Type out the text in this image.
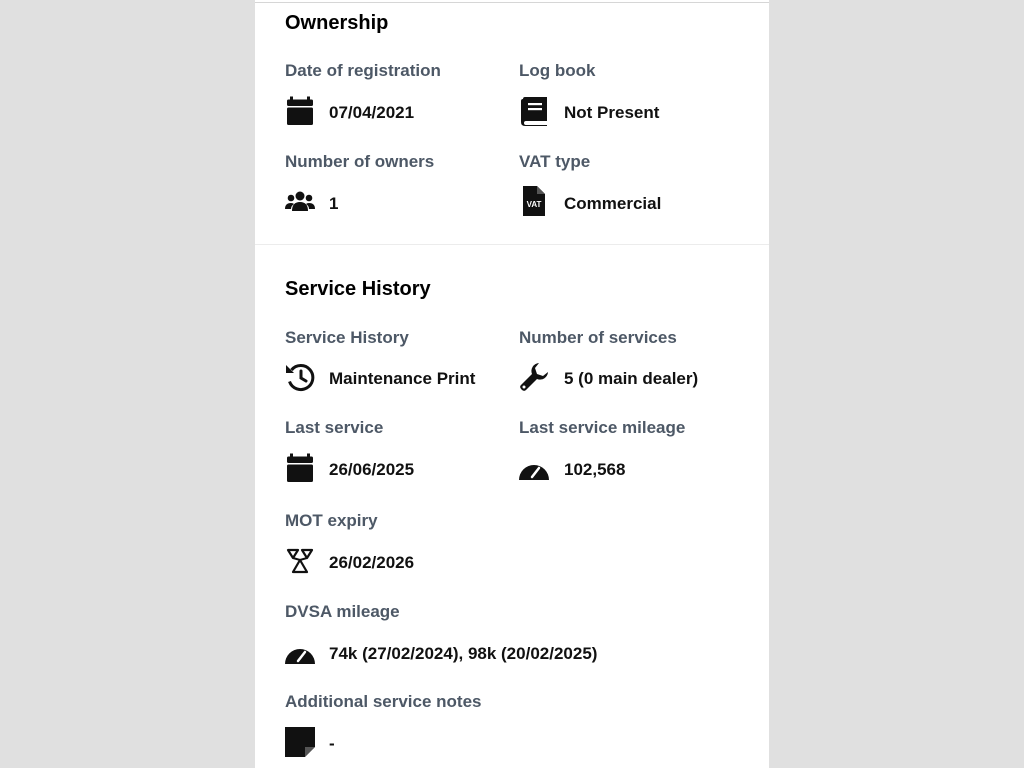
Ownership
Date of registration
07/04/2021
Log book
Not Present
Number of owners
1
VAT type
VAT Commercial
Service History
Service History
Maintenance Print
Number of services
5 (0 main dealer)
Last service
26/06/2025
Last service mileage
102,568
MOT expiry
26/02/2026
DVSA mileage
74k (27/02/2024), 98k (20/02/2025)
Additional service notes
-
